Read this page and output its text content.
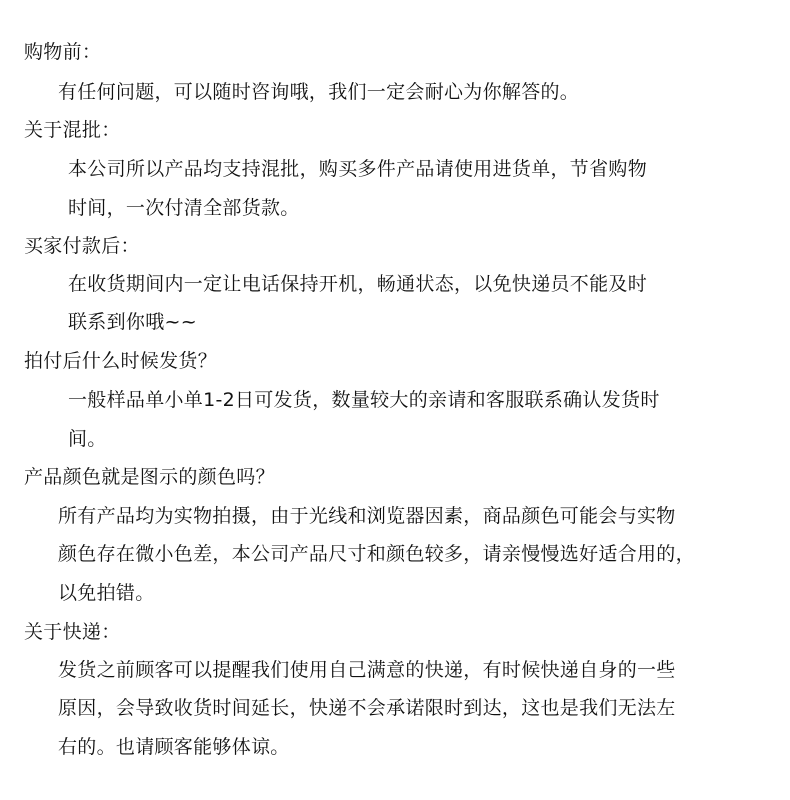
购物前：
有任何问题，可以随时咨询哦，我们一定会耐心为你解答的。
关于混批：
本公司所以产品均支持混批，购买多件产品请使用进货单，节省购物
时间，一次付清全部货款。
买家付款后：
在收货期间内一定让电话保持开机，畅通状态，以免快递员不能及时
联系到你哦~~
拍付后什么时候发货？
一般样品单小单1-2日可发货，数量较大的亲请和客服联系确认发货时
间。
产品颜色就是图示的颜色吗？
所有产品均为实物拍摄，由于光线和浏览器因素，商品颜色可能会与实物
颜色存在微小色差，本公司产品尺寸和颜色较多，请亲慢慢选好适合用的，
以免拍错。
关于快递：
发货之前顾客可以提醒我们使用自己满意的快递，有时候快递自身的一些
原因，会导致收货时间延长，快递不会承诺限时到达，这也是我们无法左
右的。也请顾客能够体谅。
